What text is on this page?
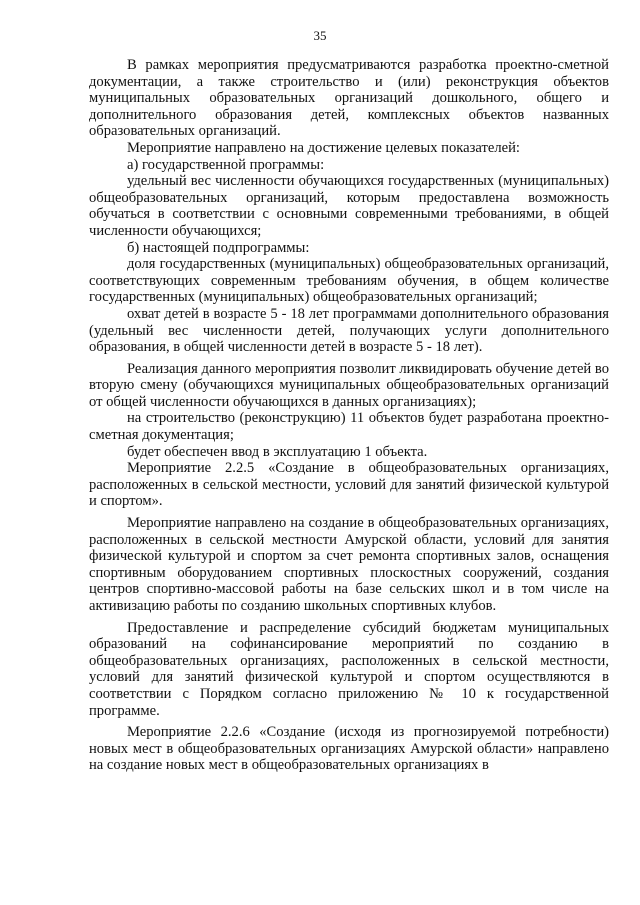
35

В рамках мероприятия предусматриваются разработка проектно-сметной документации, а также строительство и (или) реконструкция объектов муниципальных образовательных организаций дошкольного, общего и дополнительного образования детей, комплексных объектов названных образовательных организаций.

Мероприятие направлено на достижение целевых показателей:

а) государственной программы:

удельный вес численности обучающихся государственных (муниципальных) общеобразовательных организаций, которым предоставлена возможность обучаться в соответствии с основными современными требованиями, в общей численности обучающихся;

б) настоящей подпрограммы:

доля государственных (муниципальных) общеобразовательных организаций, соответствующих современным требованиям обучения, в общем количестве государственных (муниципальных) общеобразовательных организаций;

охват детей в возрасте 5 - 18 лет программами дополнительного образования (удельный вес численности детей, получающих услуги дополнительного образования, в общей численности детей в возрасте 5 - 18 лет).

Реализация данного мероприятия позволит ликвидировать обучение детей во вторую смену (обучающихся муниципальных общеобразовательных организаций от общей численности обучающихся в данных организациях);

на строительство (реконструкцию) 11 объектов будет разработана проектно-сметная документация;

будет обеспечен ввод в эксплуатацию 1 объекта.

Мероприятие 2.2.5 «Создание в общеобразовательных организациях, расположенных в сельской местности, условий для занятий физической культурой и спортом».

Мероприятие направлено на создание в общеобразовательных организациях, расположенных в сельской местности Амурской области, условий для занятия физической культурой и спортом за счет ремонта спортивных залов, оснащения спортивным оборудованием спортивных плоскостных сооружений, создания центров спортивно-массовой работы на базе сельских школ и в том числе на активизацию работы по созданию школьных спортивных клубов.

Предоставление и распределение субсидий бюджетам муниципальных образований на софинансирование мероприятий по созданию в общеобразовательных организациях, расположенных в сельской местности, условий для занятий физической культурой и спортом осуществляются в соответствии с Порядком согласно приложению № 10 к государственной программе.

Мероприятие 2.2.6 «Создание (исходя из прогнозируемой потребности) новых мест в общеобразовательных организациях Амурской области» направлено на создание новых мест в общеобразовательных организациях в
